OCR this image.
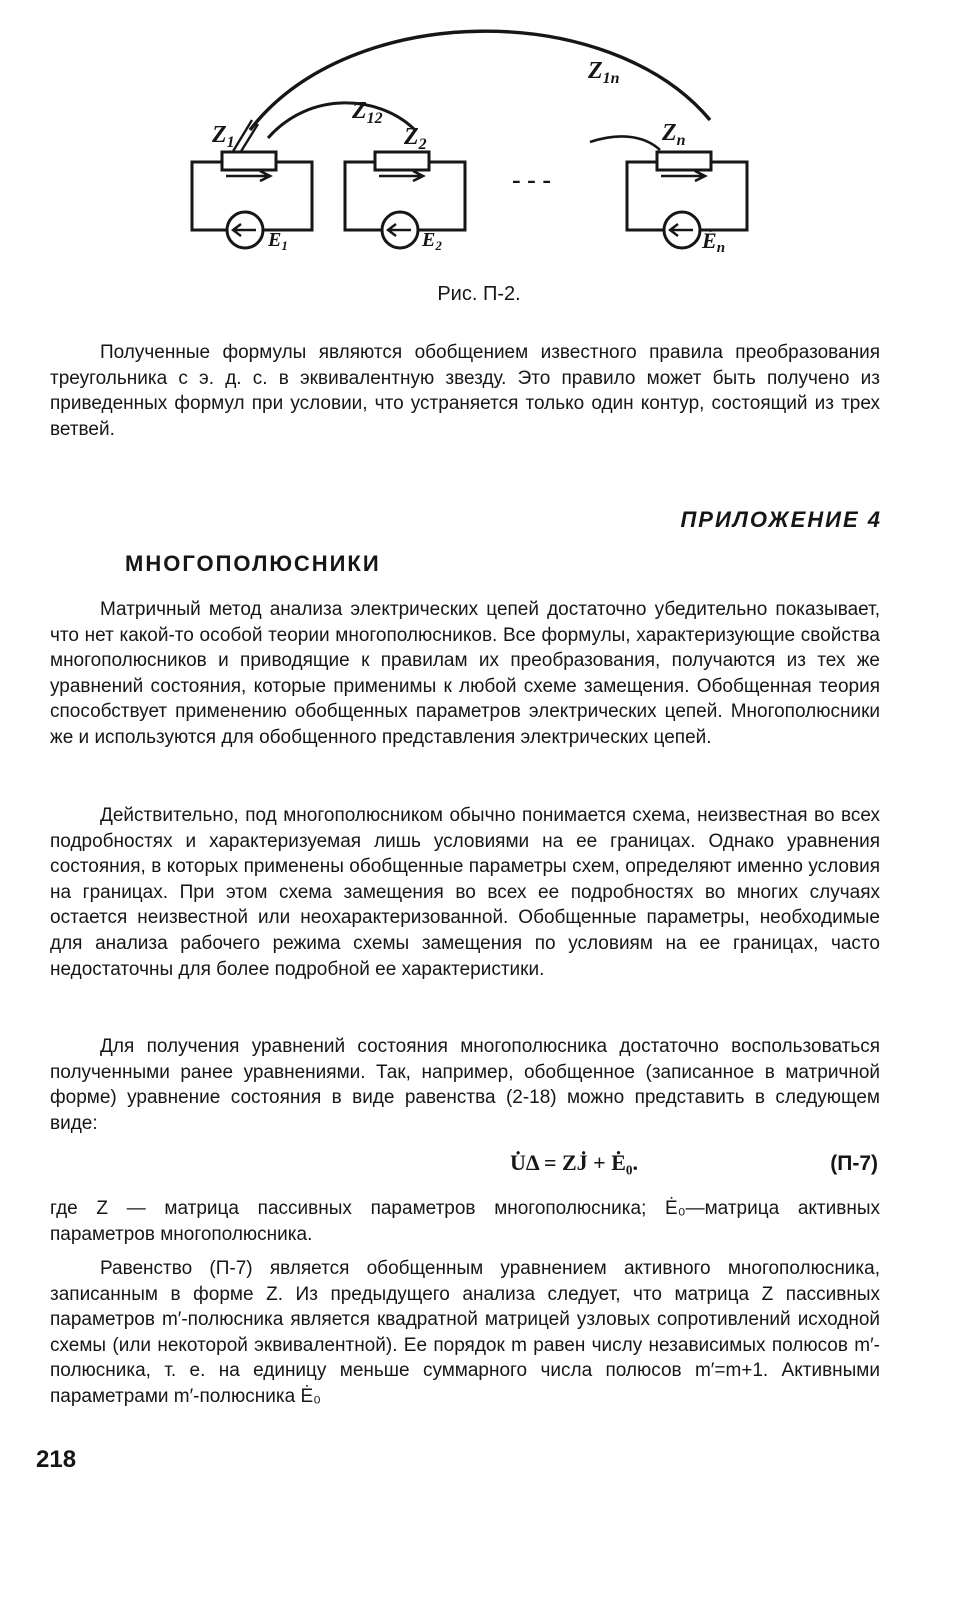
$Z_1$
$Z_{12}$
$Z_2$	$Z_n$
$Z_{1n}$
$Ė_1$	$Ė_2$	Ėn
- - -
Рис. П-2.

Полученные формулы являются обобщением известного правила преобразования треугольника с э. д. с. в эквивалентную звезду. Это правило может быть получено из приведенных формул при условии, что устраняется только один контур, состоящий из трех ветвей.

ПРИЛОЖЕНИЕ 4
МНОГОПОЛЮСНИКИ

Матричный метод анализа электрических цепей достаточно убедительно показывает, что нет какой-то особой теории многополюсников. Все формулы, характеризующие свойства многополюсников и приводящие к правилам их преобразования, получаются из тех же уравнений состояния, которые применимы к любой схеме замещения. Обобщенная теория способствует применению обобщенных параметров электрических цепей. Многополюсники же и используются для обобщенного представления электрических цепей.

Действительно, под многополюсником обычно понимается схема, неизвестная во всех подробностях и характеризуемая лишь условиями на ее границах. Однако уравнения состояния, в которых применены обобщенные параметры схем, определяют именно условия на границах. При этом схема замещения во всех ее подробностях во многих случаях остается неизвестной или неохарактеризованной. Обобщенные параметры, необходимые для анализа рабочего режима схемы замещения по условиям на ее границах, часто недостаточны для более подробной ее характеристики.

Для получения уравнений состояния многополюсника достаточно воспользоваться полученными ранее уравнениями. Так, например, обобщенное (записанное в матричной форме) уравнение состояния в виде равенства (2-18) можно представить в следующем виде:

U̇Δ = ZJ̇ + Ė₀.	(П-7)

где Z — матрица пассивных параметров многополюсника; Ė₀—матрица активных параметров многополюсника.

Равенство (П-7) является обобщенным уравнением активного многополюсника, записанным в форме Z. Из предыдущего анализа следует, что матрица Z пассивных параметров m′-полюсника является квадратной матрицей узловых сопротивлений исходной схемы (или некоторой эквивалентной). Ее порядок m равен числу независимых полюсов m′-полюсника, т. е. на единицу меньше суммарного числа полюсов m′=m+1. Активными параметрами m′-полюсника Ė₀

218
